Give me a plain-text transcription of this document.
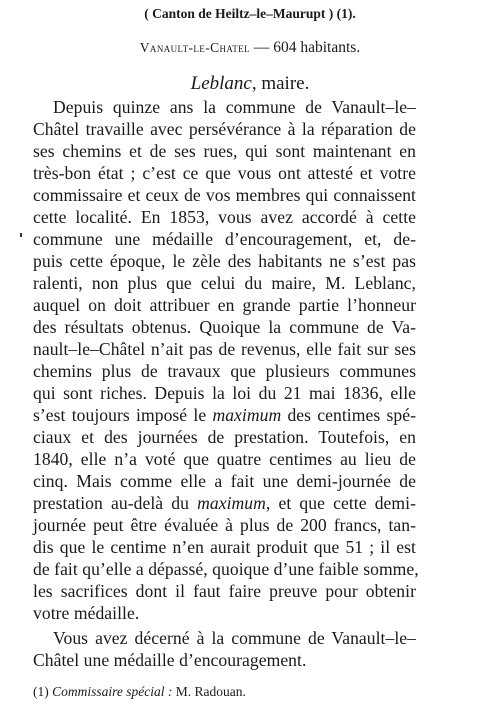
( Canton de Heiltz–le–Maurupt ) (1).
Vanault-le-Chatel — 604 habitants.
Leblanc, maire.
Depuis quinze ans la commune de Vanault–le–
Châtel travaille avec persévérance à la réparation de
ses chemins et de ses rues, qui sont maintenant en
très-bon état ; c’est ce que vous ont attesté et votre
commissaire et ceux de vos membres qui connaissent
cette localité. En 1853, vous avez accordé à cette
commune une médaille d’encouragement, et, de-
puis cette époque, le zèle des habitants ne s’est pas
ralenti, non plus que celui du maire, M. Leblanc,
auquel on doit attribuer en grande partie l’honneur
des résultats obtenus. Quoique la commune de Va-
nault–le–Châtel n’ait pas de revenus, elle fait sur ses
chemins plus de travaux que plusieurs communes
qui sont riches. Depuis la loi du 21 mai 1836, elle
s’est toujours imposé le maximum des centimes spé-
ciaux et des journées de prestation. Toutefois, en
1840, elle n’a voté que quatre centimes au lieu de
cinq. Mais comme elle a fait une demi-journée de
prestation au-delà du maximum, et que cette demi-
journée peut être évaluée à plus de 200 francs, tan-
dis que le centime n’en aurait produit que 51 ; il est
de fait qu’elle a dépassé, quoique d’une faible somme,
les sacrifices dont il faut faire preuve pour obtenir
votre médaille.
Vous avez décerné à la commune de Vanault–le–
Châtel une médaille d’encouragement.
(1) Commissaire spécial : M. Radouan.
